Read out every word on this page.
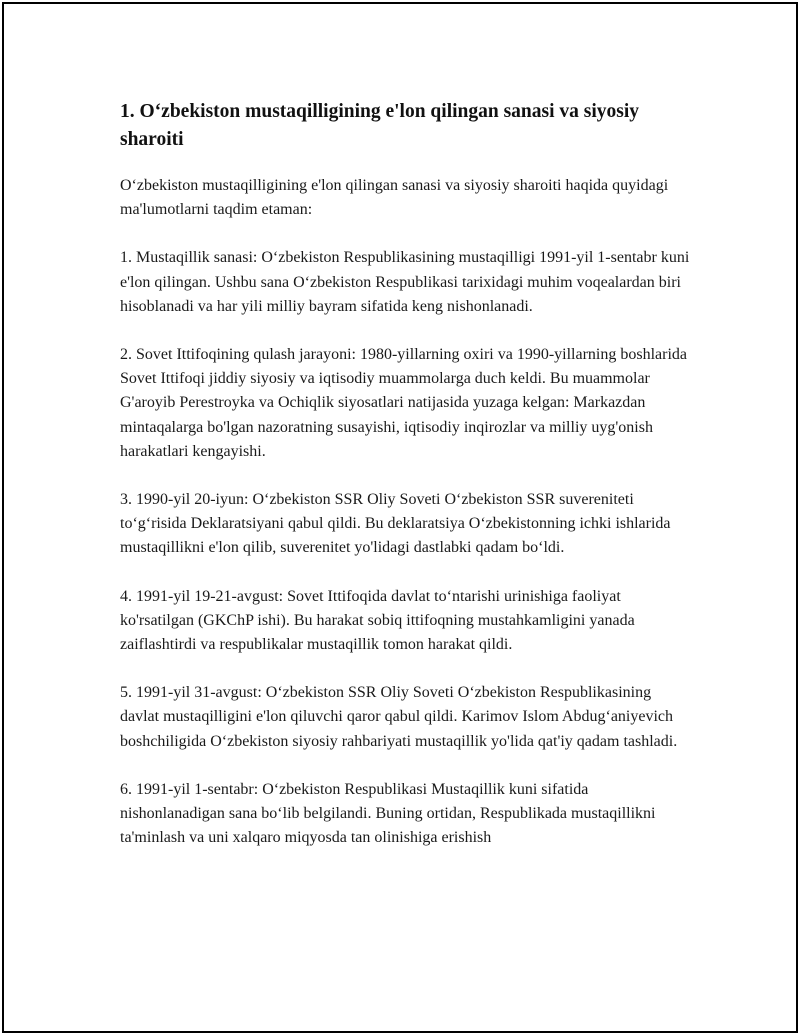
1. O‘zbekiston mustaqilligining e'lon qilingan sanasi va siyosiy sharoiti

O‘zbekiston mustaqilligining e'lon qilingan sanasi va siyosiy sharoiti haqida quyidagi ma'lumotlarni taqdim etaman:

1. Mustaqillik sanasi: O‘zbekiston Respublikasining mustaqilligi 1991-yil 1-sentabr kuni e'lon qilingan. Ushbu sana O‘zbekiston Respublikasi tarixidagi muhim voqealardan biri hisoblanadi va har yili milliy bayram sifatida keng nishonlanadi.

2. Sovet Ittifoqining qulash jarayoni: 1980-yillarning oxiri va 1990-yillarning boshlarida Sovet Ittifoqi jiddiy siyosiy va iqtisodiy muammolarga duch keldi. Bu muammolar G'aroyib Perestroyka va Ochiqlik siyosatlari natijasida yuzaga kelgan: Markazdan mintaqalarga bo'lgan nazoratning susayishi, iqtisodiy inqirozlar va milliy uyg'onish harakatlari kengayishi.

3. 1990-yil 20-iyun: O‘zbekiston SSR Oliy Soveti O‘zbekiston SSR suvereniteti to‘g‘risida Deklaratsiyani qabul qildi. Bu deklaratsiya O‘zbekistonning ichki ishlarida mustaqillikni e'lon qilib, suverenitet yo'lidagi dastlabki qadam bo‘ldi.

4. 1991-yil 19-21-avgust: Sovet Ittifoqida davlat to‘ntarishi urinishiga faoliyat ko'rsatilgan (GKChP ishi). Bu harakat sobiq ittifoqning mustahkamligini yanada zaiflashtirdi va respublikalar mustaqillik tomon harakat qildi.

5. 1991-yil 31-avgust: O‘zbekiston SSR Oliy Soveti O‘zbekiston Respublikasining davlat mustaqilligini e'lon qiluvchi qaror qabul qildi. Karimov Islom Abdug‘aniyevich boshchiligida O‘zbekiston siyosiy rahbariyati mustaqillik yo'lida qat'iy qadam tashladi.

6. 1991-yil 1-sentabr: O‘zbekiston Respublikasi Mustaqillik kuni sifatida nishonlanadigan sana bo‘lib belgilandi. Buning ortidan, Respublikada mustaqillikni ta'minlash va uni xalqaro miqyosda tan olinishiga erishish
